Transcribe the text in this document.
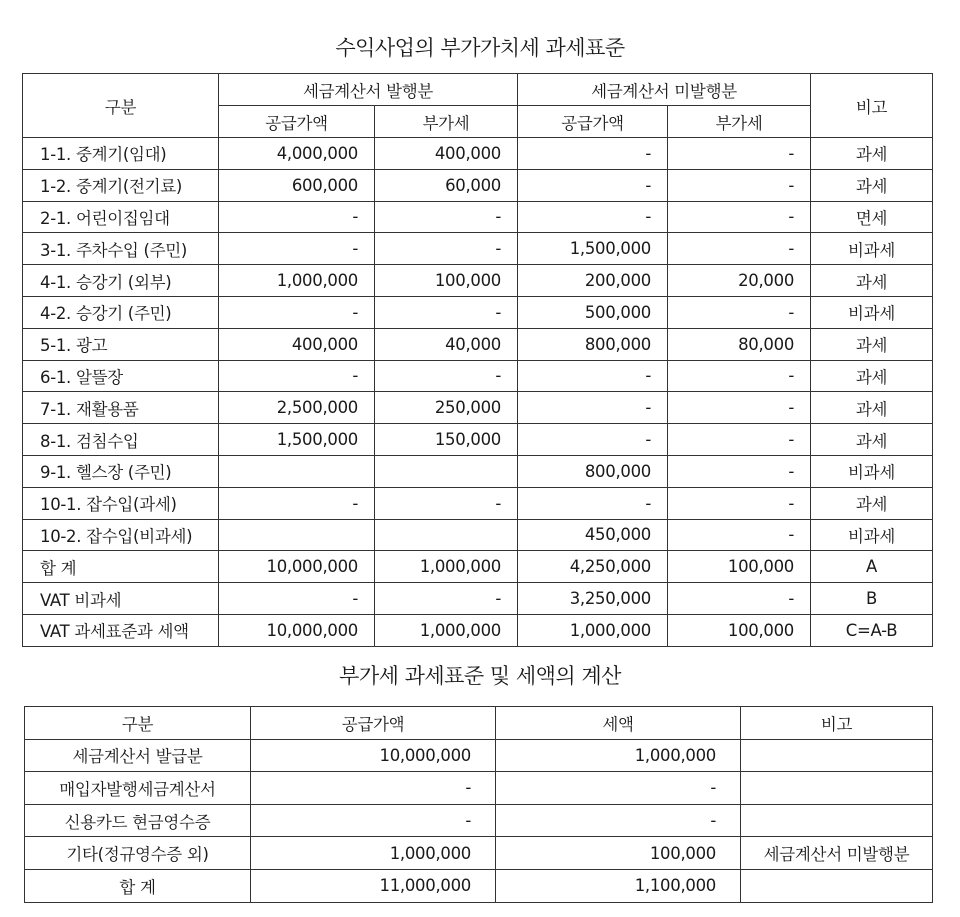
수익사업의 부가가치세 과세표준
구분	세금계산서 발행분		세금계산서 미발행분		비고
	공급가액	부가세	공급가액	부가세	
1-1. 중계기(임대)	4,000,000	400,000	-	-	과세
1-2. 중계기(전기료)	600,000	60,000	-	-	과세
2-1. 어린이집임대	-	-	-	-	면세
3-1. 주차수입 (주민)	-	-	1,500,000	-	비과세
4-1. 승강기 (외부)	1,000,000	100,000	200,000	20,000	과세
4-2. 승강기 (주민)	-	-	500,000	-	비과세
5-1. 광고	400,000	40,000	800,000	80,000	과세
6-1. 알뜰장	-	-	-	-	과세
7-1. 재활용품	2,500,000	250,000	-	-	과세
8-1. 검침수입	1,500,000	150,000	-	-	과세
9-1. 헬스장 (주민)			800,000	-	비과세
10-1. 잡수입(과세)	-	-	-	-	과세
10-2. 잡수입(비과세)			450,000	-	비과세
합 계	10,000,000	1,000,000	4,250,000	100,000	A
VAT 비과세	-	-	3,250,000	-	B
VAT 과세표준과 세액	10,000,000	1,000,000	1,000,000	100,000	C=A-B
부가세 과세표준 및 세액의 계산
구분	공급가액	세액	비고
세금계산서 발급분	10,000,000	1,000,000	
매입자발행세금계산서	-	-	
신용카드 현금영수증	-	-	
기타(정규영수증 외)	1,000,000	100,000	세금계산서 미발행분
합 계	11,000,000	1,100,000	
